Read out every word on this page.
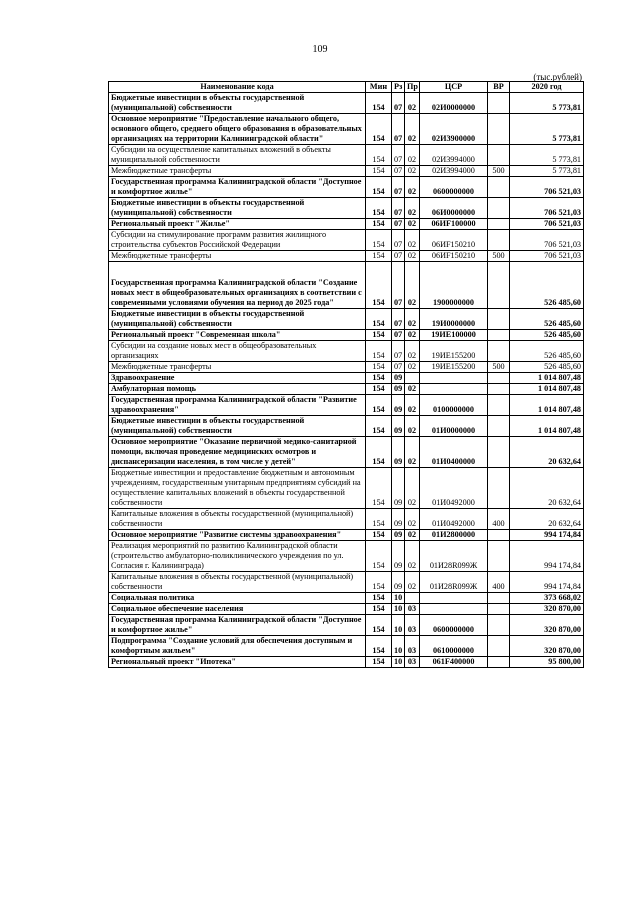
109
(тыс.рублей)
Наименование кода	Мин	Рз	Пр	ЦСР	ВР	2020 год
Бюджетные инвестиции в объекты государственной (муниципальной) собственности	154	07	02	02И0000000		5 773,81
Основное мероприятие "Предоставление начального общего, основного общего, среднего общего образования в образовательных организациях на территории Калининградской области"	154	07	02	02И3900000		5 773,81
Субсидии на осуществление капитальных вложений в объекты муниципальной собственности	154	07	02	02И3994000		5 773,81
Межбюджетные трансферты	154	07	02	02И3994000	500	5 773,81
Государственная программа Калининградской области "Доступное и комфортное жилье"	154	07	02	0600000000		706 521,03
Бюджетные инвестиции в объекты государственной (муниципальной) собственности	154	07	02	06И0000000		706 521,03
Региональный проект "Жилье"	154	07	02	06ИF100000		706 521,03
Субсидии на стимулирование программ развития жилищного строительства субъектов Российской Федерации	154	07	02	06ИF150210		706 521,03
Межбюджетные трансферты	154	07	02	06ИF150210	500	706 521,03
Государственная программа Калининградской области "Создание новых мест в общеобразовательных организациях в соответствии с современными условиями обучения на период до 2025 года"	154	07	02	1900000000		526 485,60
Бюджетные инвестиции в объекты государственной (муниципальной) собственности	154	07	02	19И0000000		526 485,60
Региональный проект "Современная школа"	154	07	02	19ИЕ100000		526 485,60
Субсидии на создание новых мест в общеобразовательных организациях	154	07	02	19ИЕ155200		526 485,60
Межбюджетные трансферты	154	07	02	19ИЕ155200	500	526 485,60
Здравоохранение	154	09				1 014 807,48
Амбулаторная помощь	154	09	02			1 014 807,48
Государственная программа Калининградской области "Развитие здравоохранения"	154	09	02	0100000000		1 014 807,48
Бюджетные инвестиции в объекты государственной (муниципальной) собственности	154	09	02	01И0000000		1 014 807,48
Основное мероприятие "Оказание первичной медико-санитарной помощи, включая проведение медицинских осмотров и диспансеризации населения, в том числе у детей"	154	09	02	01И0400000		20 632,64
Бюджетные инвестиции и предоставление бюджетным и автономным учреждениям, государственным унитарным предприятиям субсидий на осуществление капитальных вложений в объекты государственной собственности	154	09	02	01И0492000		20 632,64
Капитальные вложения в объекты государственной (муниципальной) собственности	154	09	02	01И0492000	400	20 632,64
Основное мероприятие "Развитие системы здравоохранения"	154	09	02	01И2800000		994 174,84
Реализация мероприятий по развитию Калининградской области (строительство амбулаторно-поликлинического учреждения по ул. Согласия г. Калининграда)	154	09	02	01И28R099Ж		994 174,84
Капитальные вложения в объекты государственной (муниципальной) собственности	154	09	02	01И28R099Ж	400	994 174,84
Социальная политика	154	10				373 668,02
Социальное обеспечение населения	154	10	03			320 870,00
Государственная программа Калининградской области "Доступное и комфортное жилье"	154	10	03	0600000000		320 870,00
Подпрограмма "Создание условий для обеспечения доступным и комфортным жильем"	154	10	03	0610000000		320 870,00
Региональный проект "Ипотека"	154	10	03	061F400000		95 800,00
